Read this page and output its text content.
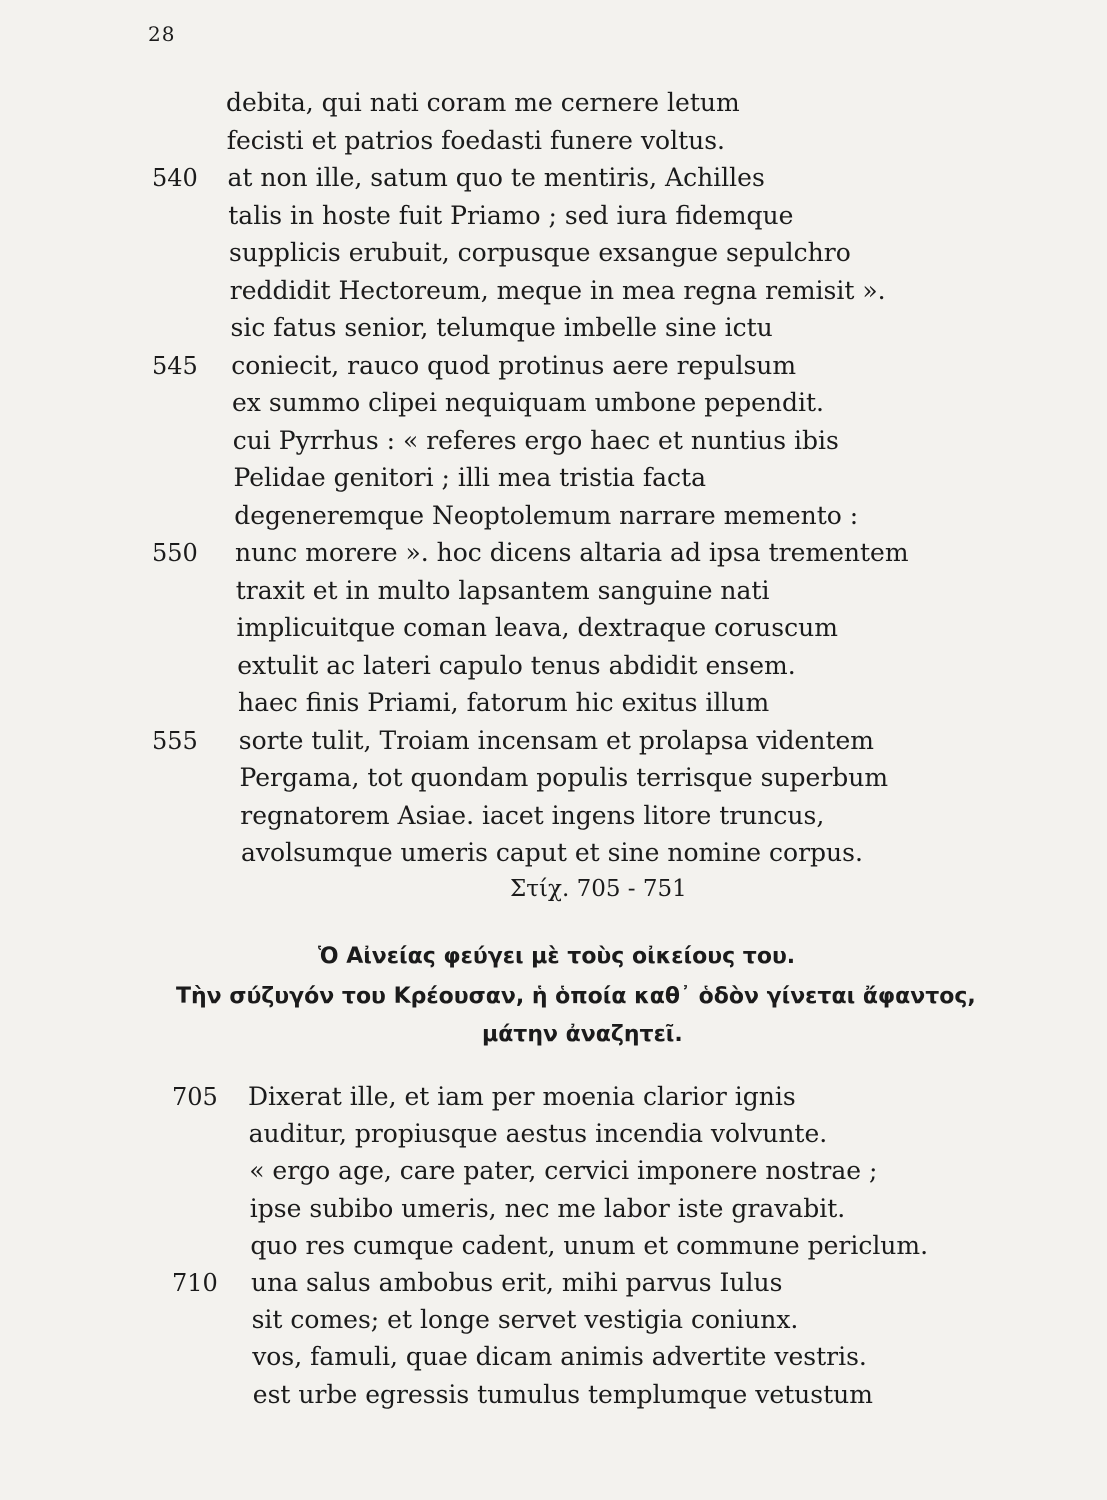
28
debita, qui nati coram me cernere letum
fecisti et patrios foedasti funere voltus.
540 at non ille, satum quo te mentiris, Achilles
talis in hoste fuit Priamo ; sed iura fidemque
supplicis erubuit, corpusque exsangue sepulchro
reddidit Hectoreum, meque in mea regna remisit ».
sic fatus senior, telumque imbelle sine ictu
545 coniecit, rauco quod protinus aere repulsum
ex summo clipei nequiquam umbone pependit.
cui Pyrrhus : « referes ergo haec et nuntius ibis
Pelidae genitori ; illi mea tristia facta
degeneremque Neoptolemum narrare memento :
550 nunc morere ». hoc dicens altaria ad ipsa trementem
traxit et in multo lapsantem sanguine nati
implicuitque coman leava, dextraque coruscum
extulit ac lateri capulo tenus abdidit ensem.
haec finis Priami, fatorum hic exitus illum
555 sorte tulit, Troiam incensam et prolapsa videntem
Pergama, tot quondam populis terrisque superbum
regnatorem Asiae. iacet ingens litore truncus,
avolsumque umeris caput et sine nomine corpus.
Στίχ. 705 - 751
Ὁ Αἰνείας φεύγει μὲ τοὺς οἰκείους του.
Τὴν σύζυγόν του Κρέουσαν, ἡ ὁποία καθ᾽ ὁδὸν γίνεται ἄφαντος,
μάτην ἀναζητεῖ.
705 Dixerat ille, et iam per moenia clarior ignis
auditur, propiusque aestus incendia volvunte.
« ergo age, care pater, cervici imponere nostrae ;
ipse subibo umeris, nec me labor iste gravabit.
quo res cumque cadent, unum et commune periclum.
710 una salus ambobus erit, mihi parvus Iulus
sit comes; et longe servet vestigia coniunx.
vos, famuli, quae dicam animis advertite vestris.
est urbe egressis tumulus templumque vetustum
